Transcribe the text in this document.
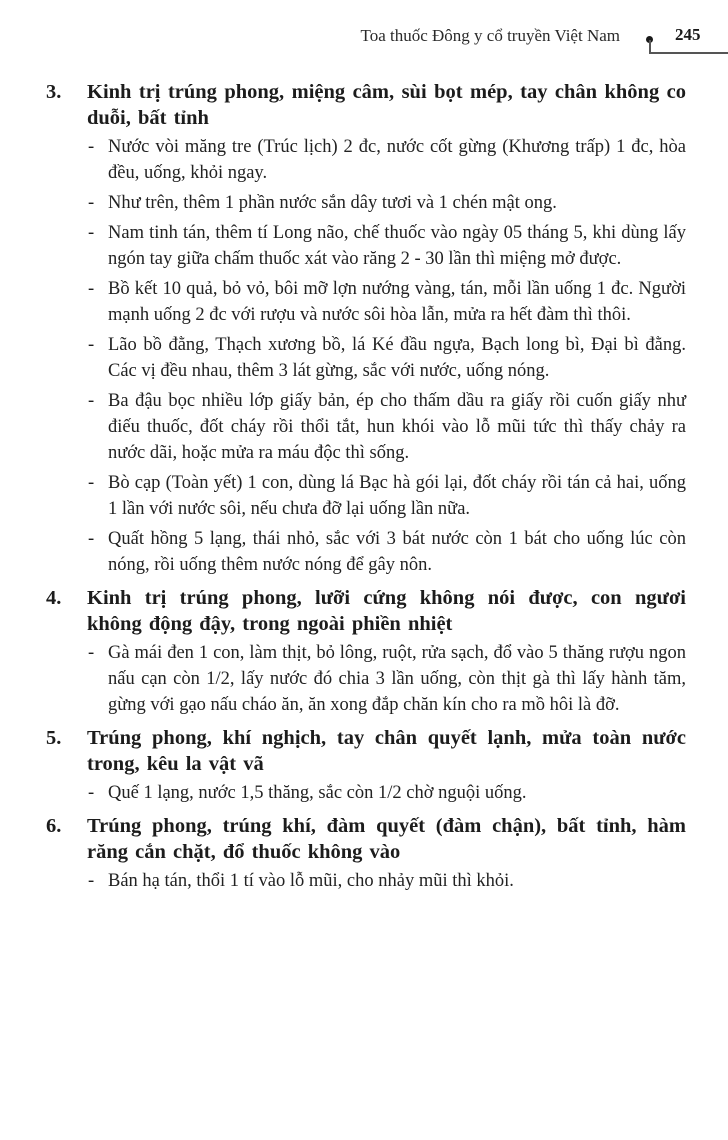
Toa thuốc Đông y cổ truyền Việt Nam	245
3. Kinh trị trúng phong, miệng câm, sùi bọt mép, tay chân không co duỗi, bất tỉnh
- Nước vòi măng tre (Trúc lịch) 2 đc, nước cốt gừng (Khương trấp) 1 đc, hòa đều, uống, khỏi ngay.
- Như trên, thêm 1 phần nước sắn dây tươi và 1 chén mật ong.
- Nam tinh tán, thêm tí Long não, chế thuốc vào ngày 05 tháng 5, khi dùng lấy ngón tay giữa chấm thuốc xát vào răng 2 - 30 lần thì miệng mở được.
- Bồ kết 10 quả, bỏ vỏ, bôi mỡ lợn nướng vàng, tán, mỗi lần uống 1 đc. Người mạnh uống 2 đc với rượu và nước sôi hòa lẫn, mửa ra hết đàm thì thôi.
- Lão bồ đằng, Thạch xương bồ, lá Ké đầu ngựa, Bạch long bì, Đại bì đằng. Các vị đều nhau, thêm 3 lát gừng, sắc với nước, uống nóng.
- Ba đậu bọc nhiều lớp giấy bản, ép cho thấm dầu ra giấy rồi cuốn giấy như điếu thuốc, đốt cháy rồi thổi tắt, hun khói vào lỗ mũi tức thì thấy chảy ra nước dãi, hoặc mửa ra máu độc thì sống.
- Bò cạp (Toàn yết) 1 con, dùng lá Bạc hà gói lại, đốt cháy rồi tán cả hai, uống 1 lần với nước sôi, nếu chưa đỡ lại uống lần nữa.
- Quất hồng 5 lạng, thái nhỏ, sắc với 3 bát nước còn 1 bát cho uống lúc còn nóng, rồi uống thêm nước nóng để gây nôn.
4. Kinh trị trúng phong, lưỡi cứng không nói được, con ngươi không động đậy, trong ngoài phiền nhiệt
- Gà mái đen 1 con, làm thịt, bỏ lông, ruột, rửa sạch, đổ vào 5 thăng rượu ngon nấu cạn còn 1/2, lấy nước đó chia 3 lần uống, còn thịt gà thì lấy hành tăm, gừng với gạo nấu cháo ăn, ăn xong đắp chăn kín cho ra mồ hôi là đỡ.
5. Trúng phong, khí nghịch, tay chân quyết lạnh, mửa toàn nước trong, kêu la vật vã
- Quế 1 lạng, nước 1,5 thăng, sắc còn 1/2 chờ nguội uống.
6. Trúng phong, trúng khí, đàm quyết (đàm chận), bất tỉnh, hàm răng cắn chặt, đổ thuốc không vào
- Bán hạ tán, thổi 1 tí vào lỗ mũi, cho nhảy mũi thì khỏi.
